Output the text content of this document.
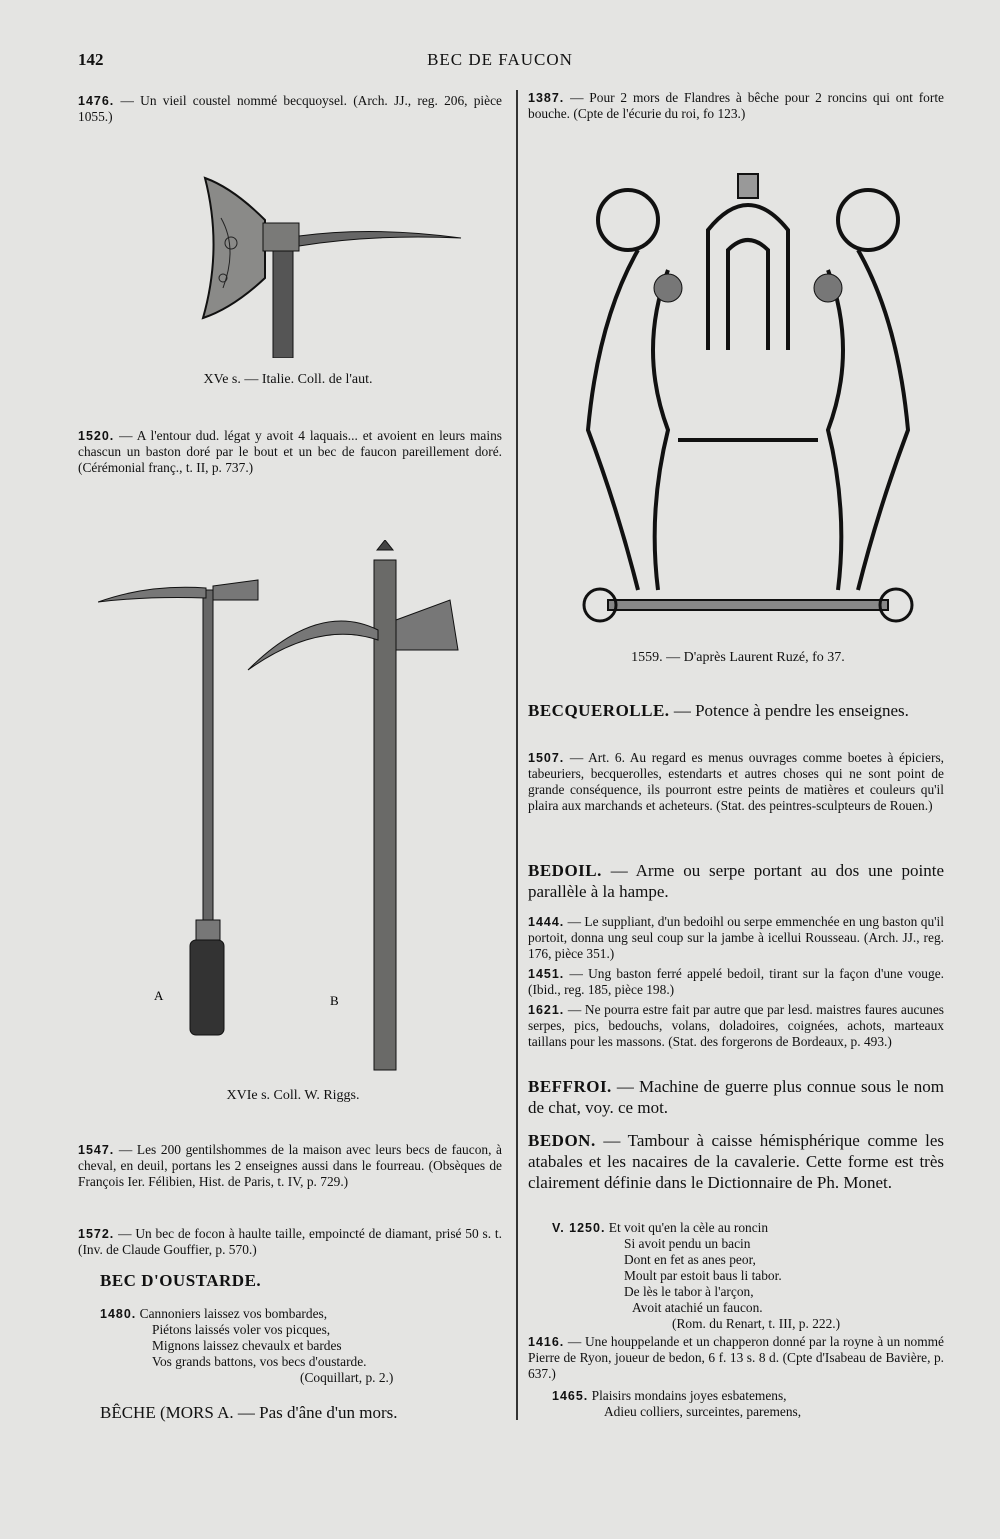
142	BEC DE FAUCON
1476. — Un vieil coustel nommé becquoysel. (Arch. JJ., reg. 206, pièce 1055.)
XVe s. — Italie. Coll. de l'aut.
1520. — A l'entour dud. légat y avoit 4 laquais... et avoient en leurs mains chascun un baston doré par le bout et un bec de faucon pareillement doré. (Cérémonial franç., t. II, p. 737.)
A	B
XVIe s. Coll. W. Riggs.
1547. — Les 200 gentilshommes de la maison avec leurs becs de faucon, à cheval, en deuil, portans les 2 enseignes aussi dans le fourreau. (Obsèques de François Ier. Félibien, Hist. de Paris, t. IV, p. 729.)
1572. — Un bec de focon à haulte taille, empoincté de diamant, prisé 50 s. t. (Inv. de Claude Gouffier, p. 570.)
BEC D'OUSTARDE.
1480. Cannoniers laissez vos bombardes,
Piétons laissés voler vos picques,
Mignons laissez chevaulx et bardes
Vos grands battons, vos becs d'oustarde.
(Coquillart, p. 2.)
BÊCHE (MORS A. — Pas d'âne d'un mors.
1387. — Pour 2 mors de Flandres à bêche pour 2 roncins qui ont forte bouche. (Cpte de l'écurie du roi, fo 123.)
1559. — D'après Laurent Ruzé, fo 37.
BECQUEROLLE. — Potence à pendre les enseignes.
1507. — Art. 6. Au regard es menus ouvrages comme boetes à épiciers, tabeuriers, becquerolles, estendarts et autres choses qui ne sont point de grande conséquence, ils pourront estre peints de matières et couleurs qu'il plaira aux marchands et acheteurs. (Stat. des peintres-sculpteurs de Rouen.)
BEDOIL. — Arme ou serpe portant au dos une pointe parallèle à la hampe.
1444. — Le suppliant, d'un bedoihl ou serpe emmenchée en ung baston qu'il portoit, donna ung seul coup sur la jambe à icellui Rousseau. (Arch. JJ., reg. 176, pièce 351.)
1451. — Ung baston ferré appelé bedoil, tirant sur la façon d'une vouge. (Ibid., reg. 185, pièce 198.)
1621. — Ne pourra estre fait par autre que par lesd. maistres faures aucunes serpes, pics, bedouchs, volans, doladoires, coignées, achots, marteaux taillans pour les massons. (Stat. des forgerons de Bordeaux, p. 493.)
BEFFROI. — Machine de guerre plus connue sous le nom de chat, voy. ce mot.
BEDON. — Tambour à caisse hémisphérique comme les atabales et les nacaires de la cavalerie. Cette forme est très clairement définie dans le Dictionnaire de Ph. Monet.
V. 1250. Et voit qu'en la cèle au roncin
Si avoit pendu un bacin
Dont en fet as anes peor,
Moult par estoit baus li tabor.
De lès le tabor à l'arçon,
Avoit atachié un faucon.
(Rom. du Renart, t. III, p. 222.)
1416. — Une houppelande et un chapperon donné par la royne à un nommé Pierre de Ryon, joueur de bedon, 6 f. 13 s. 8 d. (Cpte d'Isabeau de Bavière, p. 637.)
1465. Plaisirs mondains joyes esbatemens,
Adieu colliers, surceintes, paremens,
